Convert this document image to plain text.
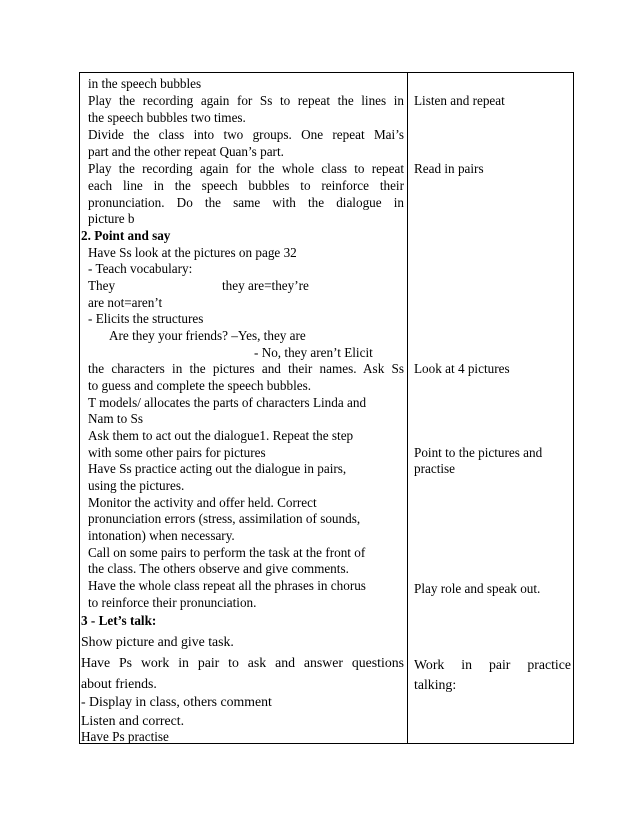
in the speech bubbles
Play the recording again for Ss to repeat the lines in
the speech bubbles two times.
Divide the class into two groups. One repeat Mai’s
part and the other repeat Quan’s part.
Play the recording again for the whole class to repeat
each line in the speech bubbles to reinforce their
pronunciation. Do the same with the dialogue in
picture b
2. Point and say
Have Ss look at the pictures on page 32
- Teach vocabulary:
They	they are=they’re
are not=aren’t
- Elicits the structures
Are they your friends? –Yes, they are
- No, they aren’t Elicit
the characters in the pictures and their names. Ask Ss
to guess and complete the speech bubbles.
T models/ allocates the parts of characters Linda and
Nam to Ss
Ask them to act out the dialogue1. Repeat the step
with some other pairs for pictures
Have Ss practice acting out the dialogue in pairs,
using the pictures.
Monitor the activity and offer held. Correct
pronunciation errors (stress, assimilation of sounds,
intonation) when necessary.
Call on some pairs to perform the task at the front of
the class. The others observe and give comments.
Have the whole class repeat all the phrases in chorus
to reinforce their pronunciation.
3 - Let’s talk:
Show picture and give task.
Have Ps work in pair to ask and answer questions
about friends.
- Display in class, others comment
Listen and correct.
Have Ps practise
Listen and repeat
Read in pairs
Look at 4 pictures
Point to the pictures and
practise
Play role and speak out.
Work in pair practice
talking:
